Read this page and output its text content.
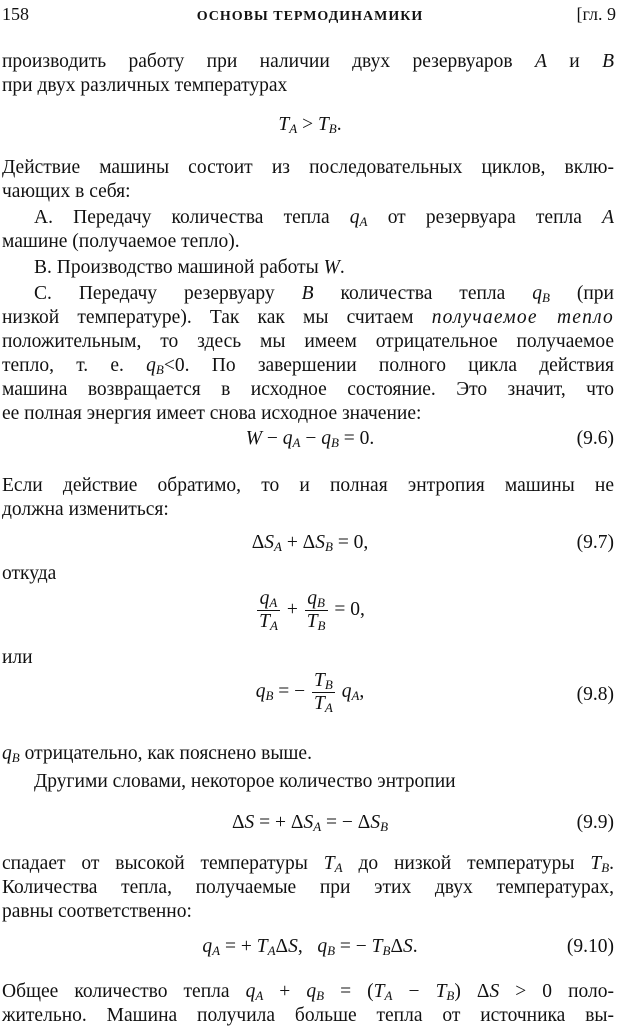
158	ОСНОВЫ ТЕРМОДИНАМИКИ	[гл. 9
производить работу при наличии двух резервуаров A и B
при двух различных температурах
$T_A > T_B$.
Действие машины состоит из последовательных циклов, вклю-
чающих в себя:
A. Передачу количества тепла $q_A$ от резервуара тепла A
машине (получаемое тепло).
B. Производство машиной работы W.
C. Передачу резервуару B количества тепла $q_B$ (при
низкой температуре). Так как мы считаем получаемое тепло
положительным, то здесь мы имеем отрицательное получаемое
тепло, т. е. $q_B<0$. По завершении полного цикла действия
машина возвращается в исходное состояние. Это значит, что
ее полная энергия имеет снова исходное значение:
$W - q_A - q_B = 0$.	(9.6)
Если действие обратимо, то и полная энтропия машины не
должна измениться:
$\Delta S_A + \Delta S_B = 0$,	(9.7)
откуда
$\frac{q_A}{T_A} + \frac{q_B}{T_B} = 0$,
или
$q_B$ = − $\frac{T_B}{T_A} q_A$,	(9.8)
$q_B$ отрицательно, как пояснено выше.
Другими словами, некоторое количество энтропии
ΔS = + $\Delta S_A$ = − $\Delta S_B$	(9.9)
спадает от высокой температуры $T_A$ до низкой температуры $T_B$.
Количества тепла, получаемые при этих двух температурах,
равны соответственно:
$q_A$ = + $T_A\Delta S$,   $q_B$ = − $T_B\Delta S$.	(9.10)
Общее количество тепла $q_A + q_B = (T_A - T_B) \Delta S > 0$ поло-
жительно. Машина получила больше тепла от источника вы-
